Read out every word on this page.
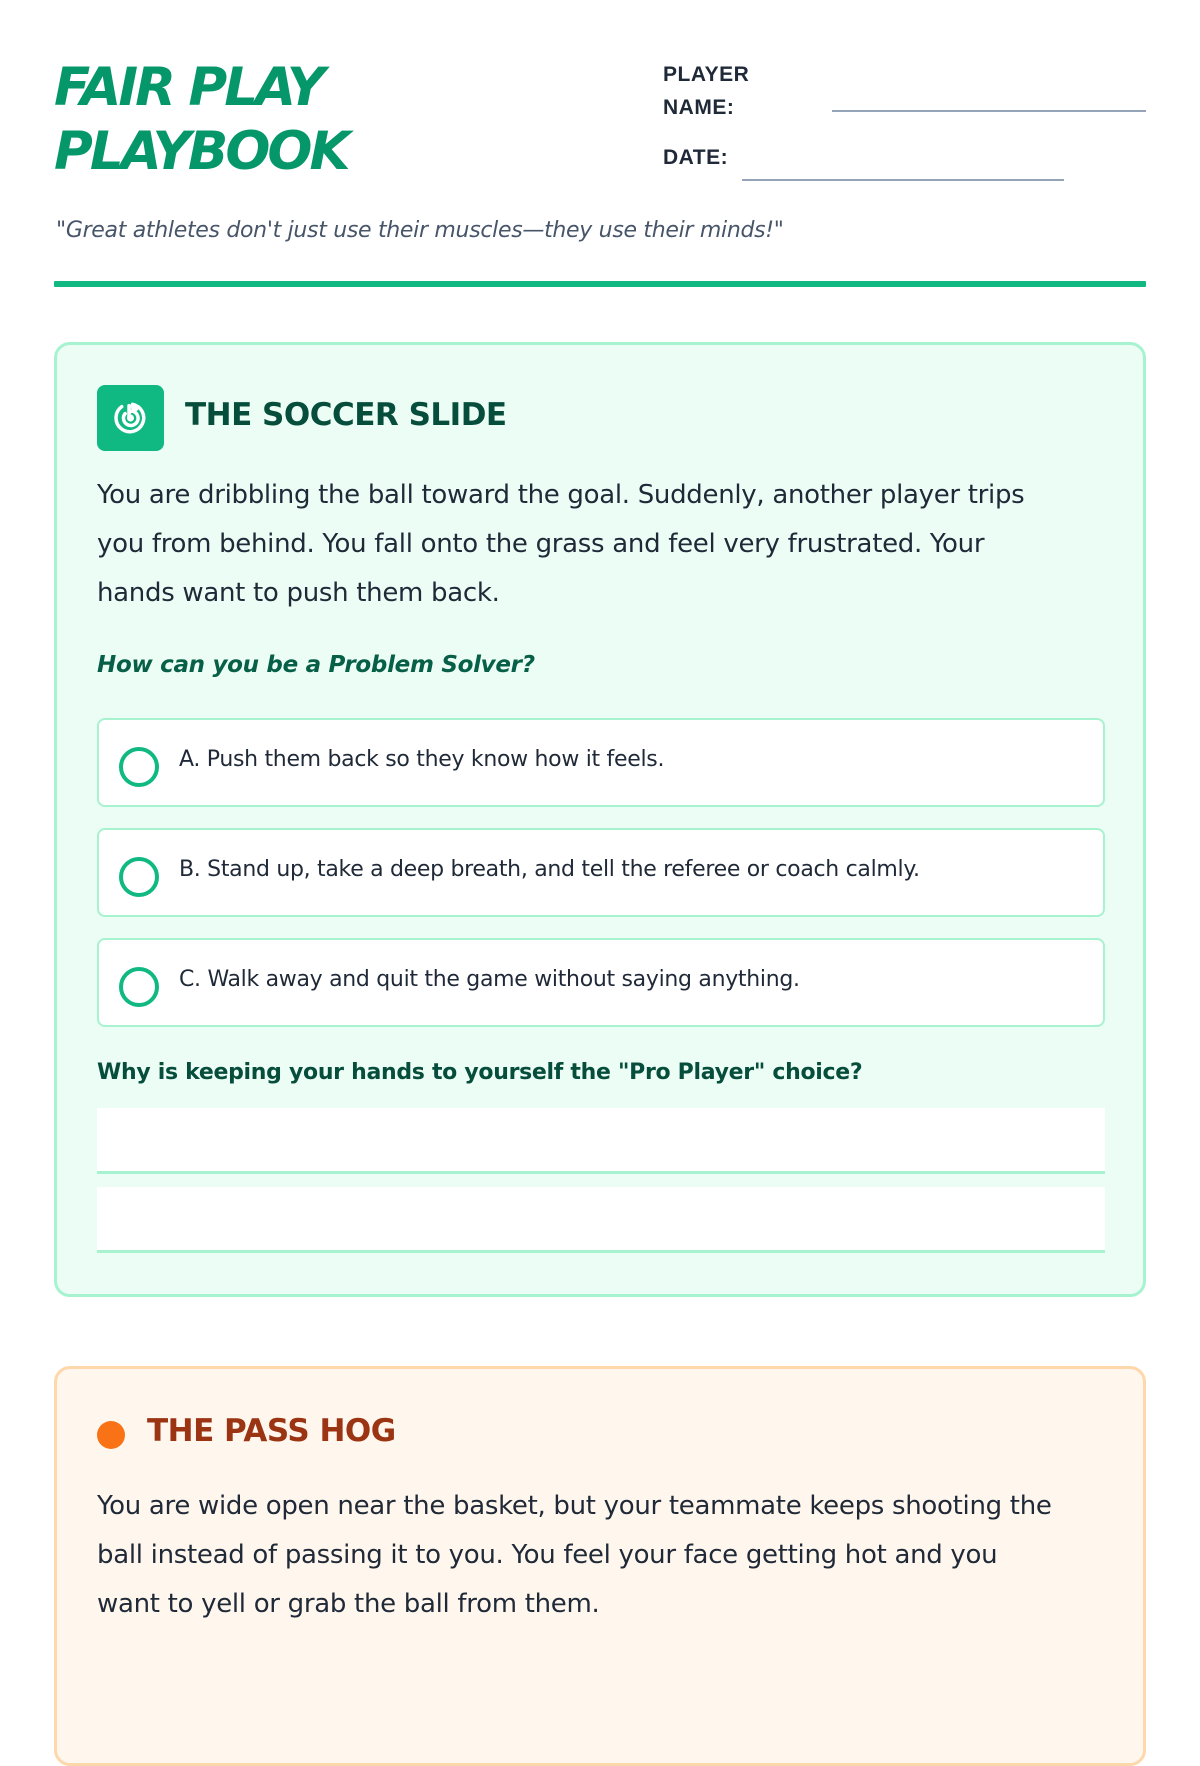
FAIR PLAY
PLAYBOOK
PLAYER
NAME:
DATE:
"Great athletes don't just use their muscles—they use their minds!"
THE SOCCER SLIDE
You are dribbling the ball toward the goal. Suddenly, another player trips
you from behind. You fall onto the grass and feel very frustrated. Your
hands want to push them back.
How can you be a Problem Solver?
A. Push them back so they know how it feels.
B. Stand up, take a deep breath, and tell the referee or coach calmly.
C. Walk away and quit the game without saying anything.
Why is keeping your hands to yourself the "Pro Player" choice?
THE PASS HOG
You are wide open near the basket, but your teammate keeps shooting the
ball instead of passing it to you. You feel your face getting hot and you
want to yell or grab the ball from them.
